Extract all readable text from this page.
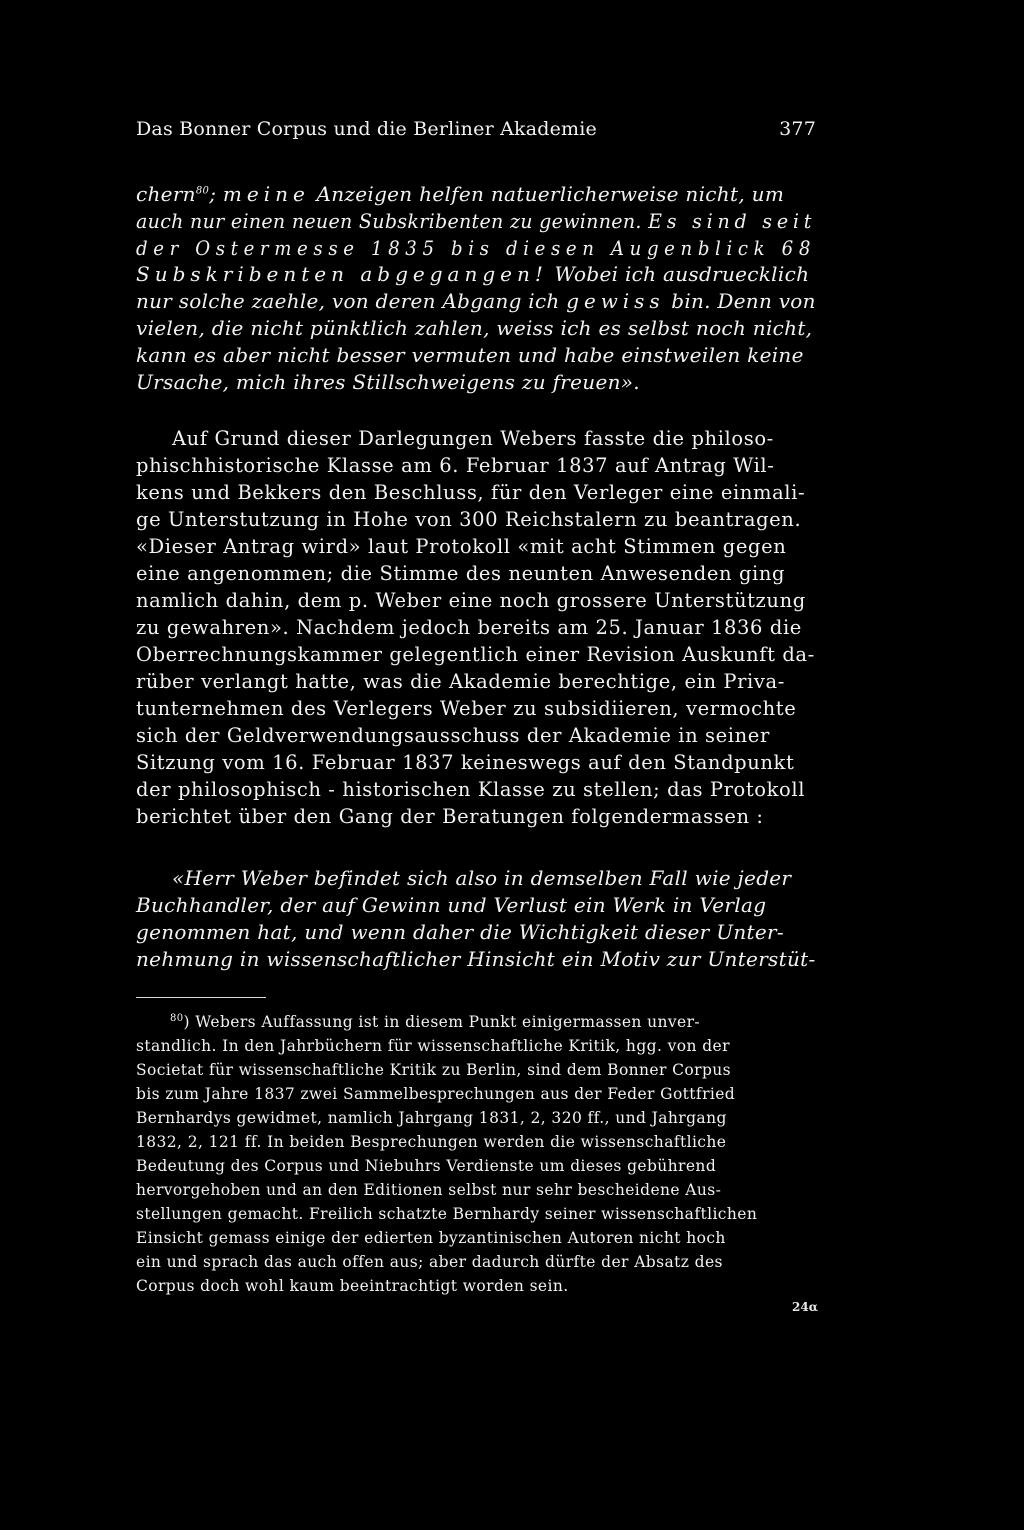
Das Bonner Corpus und die Berliner Akademie	377
chern$^{80}$; meine Anzeigen helfen natuerlicherweise nicht, um
auch nur einen neuen Subskribenten zu gewinnen. Es sind seit
der Ostermesse 1835 bis diesen Augenblick 68
Subskribenten abgegangen! Wobei ich ausdruecklich
nur solche zaehle, von deren Abgang ich gewiss bin. Denn von
vielen, die nicht pünktlich zahlen, weiss ich es selbst noch nicht,
kann es aber nicht besser vermuten und habe einstweilen keine
Ursache, mich ihres Stillschweigens zu freuen».
Auf Grund dieser Darlegungen Webers fasste die philoso-
phischhistorische Klasse am 6. Februar 1837 auf Antrag Wil-
kens und Bekkers den Beschluss, für den Verleger eine einmali-
ge Unterstutzung in Hohe von 300 Reichstalern zu beantragen.
«Dieser Antrag wird» laut Protokoll «mit acht Stimmen gegen
eine angenommen; die Stimme des neunten Anwesenden ging
namlich dahin, dem p. Weber eine noch grossere Unterstützung
zu gewahren». Nachdem jedoch bereits am 25. Januar 1836 die
Oberrechnungskammer gelegentlich einer Revision Auskunft da-
rüber verlangt hatte, was die Akademie berechtige, ein Priva-
tunternehmen des Verlegers Weber zu subsidiieren, vermochte
sich der Geldverwendungsausschuss der Akademie in seiner
Sitzung vom 16. Februar 1837 keineswegs auf den Standpunkt
der philosophisch - historischen Klasse zu stellen; das Protokoll
berichtet über den Gang der Beratungen folgendermassen :
«Herr Weber befindet sich also in demselben Fall wie jeder
Buchhandler, der auf Gewinn und Verlust ein Werk in Verlag
genommen hat, und wenn daher die Wichtigkeit dieser Unter-
nehmung in wissenschaftlicher Hinsicht ein Motiv zur Unterstüt-
$^{80}$) Webers Auffassung ist in diesem Punkt einigermassen unver-
standlich. In den Jahrbüchern für wissenschaftliche Kritik, hgg. von der
Societat für wissenschaftliche Kritik zu Berlin, sind dem Bonner Corpus
bis zum Jahre 1837 zwei Sammelbesprechungen aus der Feder Gottfried
Bernhardys gewidmet, namlich Jahrgang 1831, 2, 320 ff., und Jahrgang
1832, 2, 121 ff. In beiden Besprechungen werden die wissenschaftliche
Bedeutung des Corpus und Niebuhrs Verdienste um dieses gebührend
hervorgehoben und an den Editionen selbst nur sehr bescheidene Aus-
stellungen gemacht. Freilich schatzte Bernhardy seiner wissenschaftlichen
Einsicht gemass einige der edierten byzantinischen Autoren nicht hoch
ein und sprach das auch offen aus; aber dadurch dürfte der Absatz des
Corpus doch wohl kaum beeintrachtigt worden sein.
24α
